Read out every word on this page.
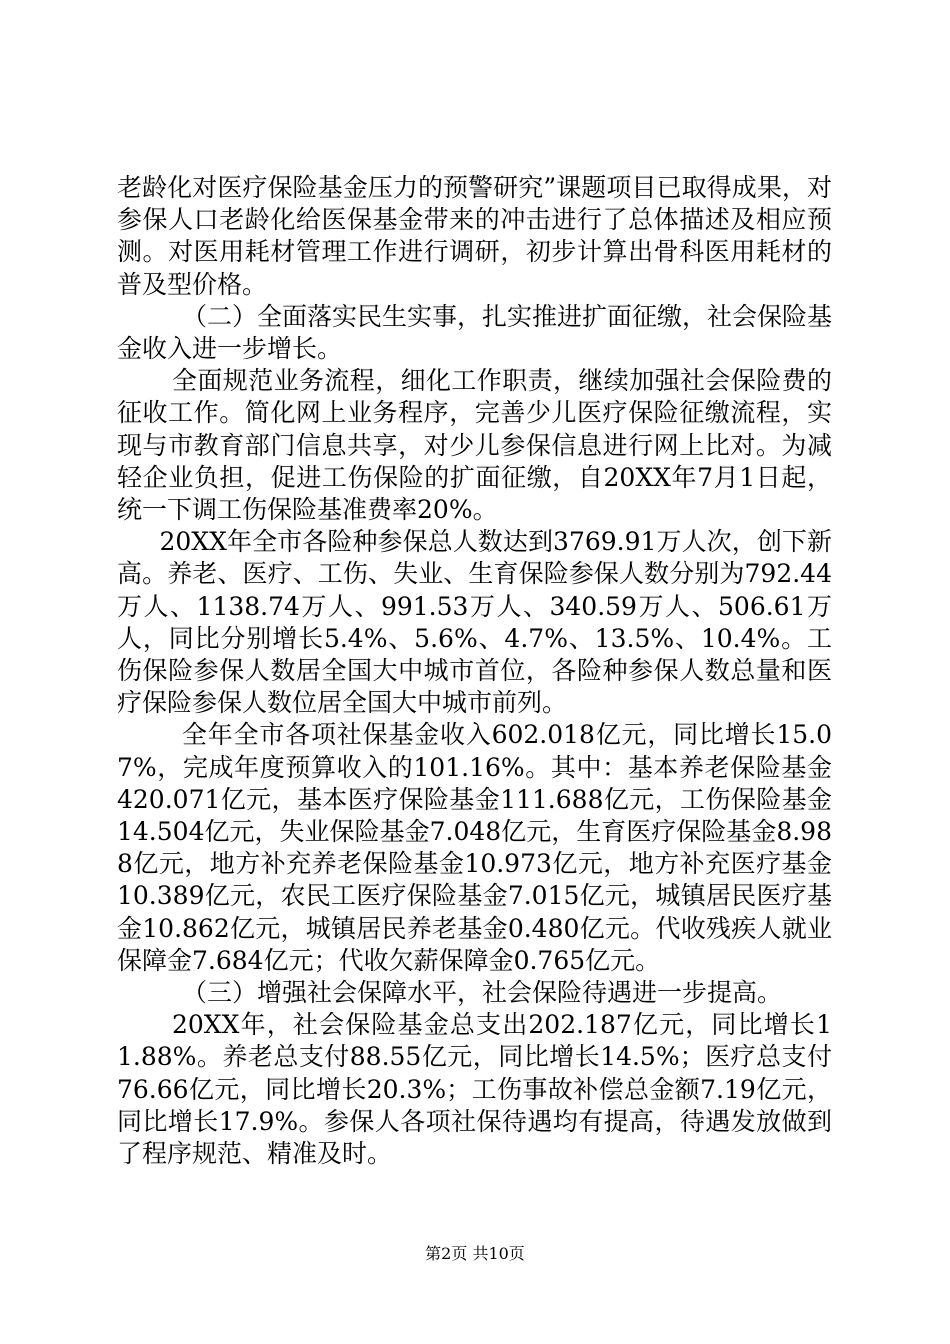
老龄化对医疗保险基金压力的预警研究”课题项目已取得成果，对参保人口老龄化给医保基金带来的冲击进行了总体描述及相应预测。对医用耗材管理工作进行调研，初步计算出骨科医用耗材的普及型价格。

（二）全面落实民生实事，扎实推进扩面征缴，社会保险基金收入进一步增长。

全面规范业务流程，细化工作职责，继续加强社会保险费的征收工作。简化网上业务程序，完善少儿医疗保险征缴流程，实现与市教育部门信息共享，对少儿参保信息进行网上比对。为减轻企业负担，促进工伤保险的扩面征缴，自20XX年7月1日起，统一下调工伤保险基准费率20%。

20XX年全市各险种参保总人数达到3769.91万人次，创下新高。养老、医疗、工伤、失业、生育保险参保人数分别为792.44万人、1138.74万人、991.53万人、340.59万人、506.61万人，同比分别增长5.4%、5.6%、4.7%、13.5%、10.4%。工伤保险参保人数居全国大中城市首位，各险种参保人数总量和医疗保险参保人数位居全国大中城市前列。

全年全市各项社保基金收入602.018亿元，同比增长15.07%，完成年度预算收入的101.16%。其中：基本养老保险基金420.071亿元，基本医疗保险基金111.688亿元，工伤保险基金14.504亿元，失业保险基金7.048亿元，生育医疗保险基金8.988亿元，地方补充养老保险基金10.973亿元，地方补充医疗基金10.389亿元，农民工医疗保险基金7.015亿元，城镇居民医疗基金10.862亿元，城镇居民养老基金0.480亿元。代收残疾人就业保障金7.684亿元；代收欠薪保障金0.765亿元。

（三）增强社会保障水平，社会保险待遇进一步提高。

20XX年，社会保险基金总支出202.187亿元，同比增长11.88%。养老总支付88.55亿元，同比增长14.5%；医疗总支付76.66亿元，同比增长20.3%；工伤事故补偿总金额7.19亿元，同比增长17.9%。参保人各项社保待遇均有提高，待遇发放做到了程序规范、精准及时。

第2页 共10页
